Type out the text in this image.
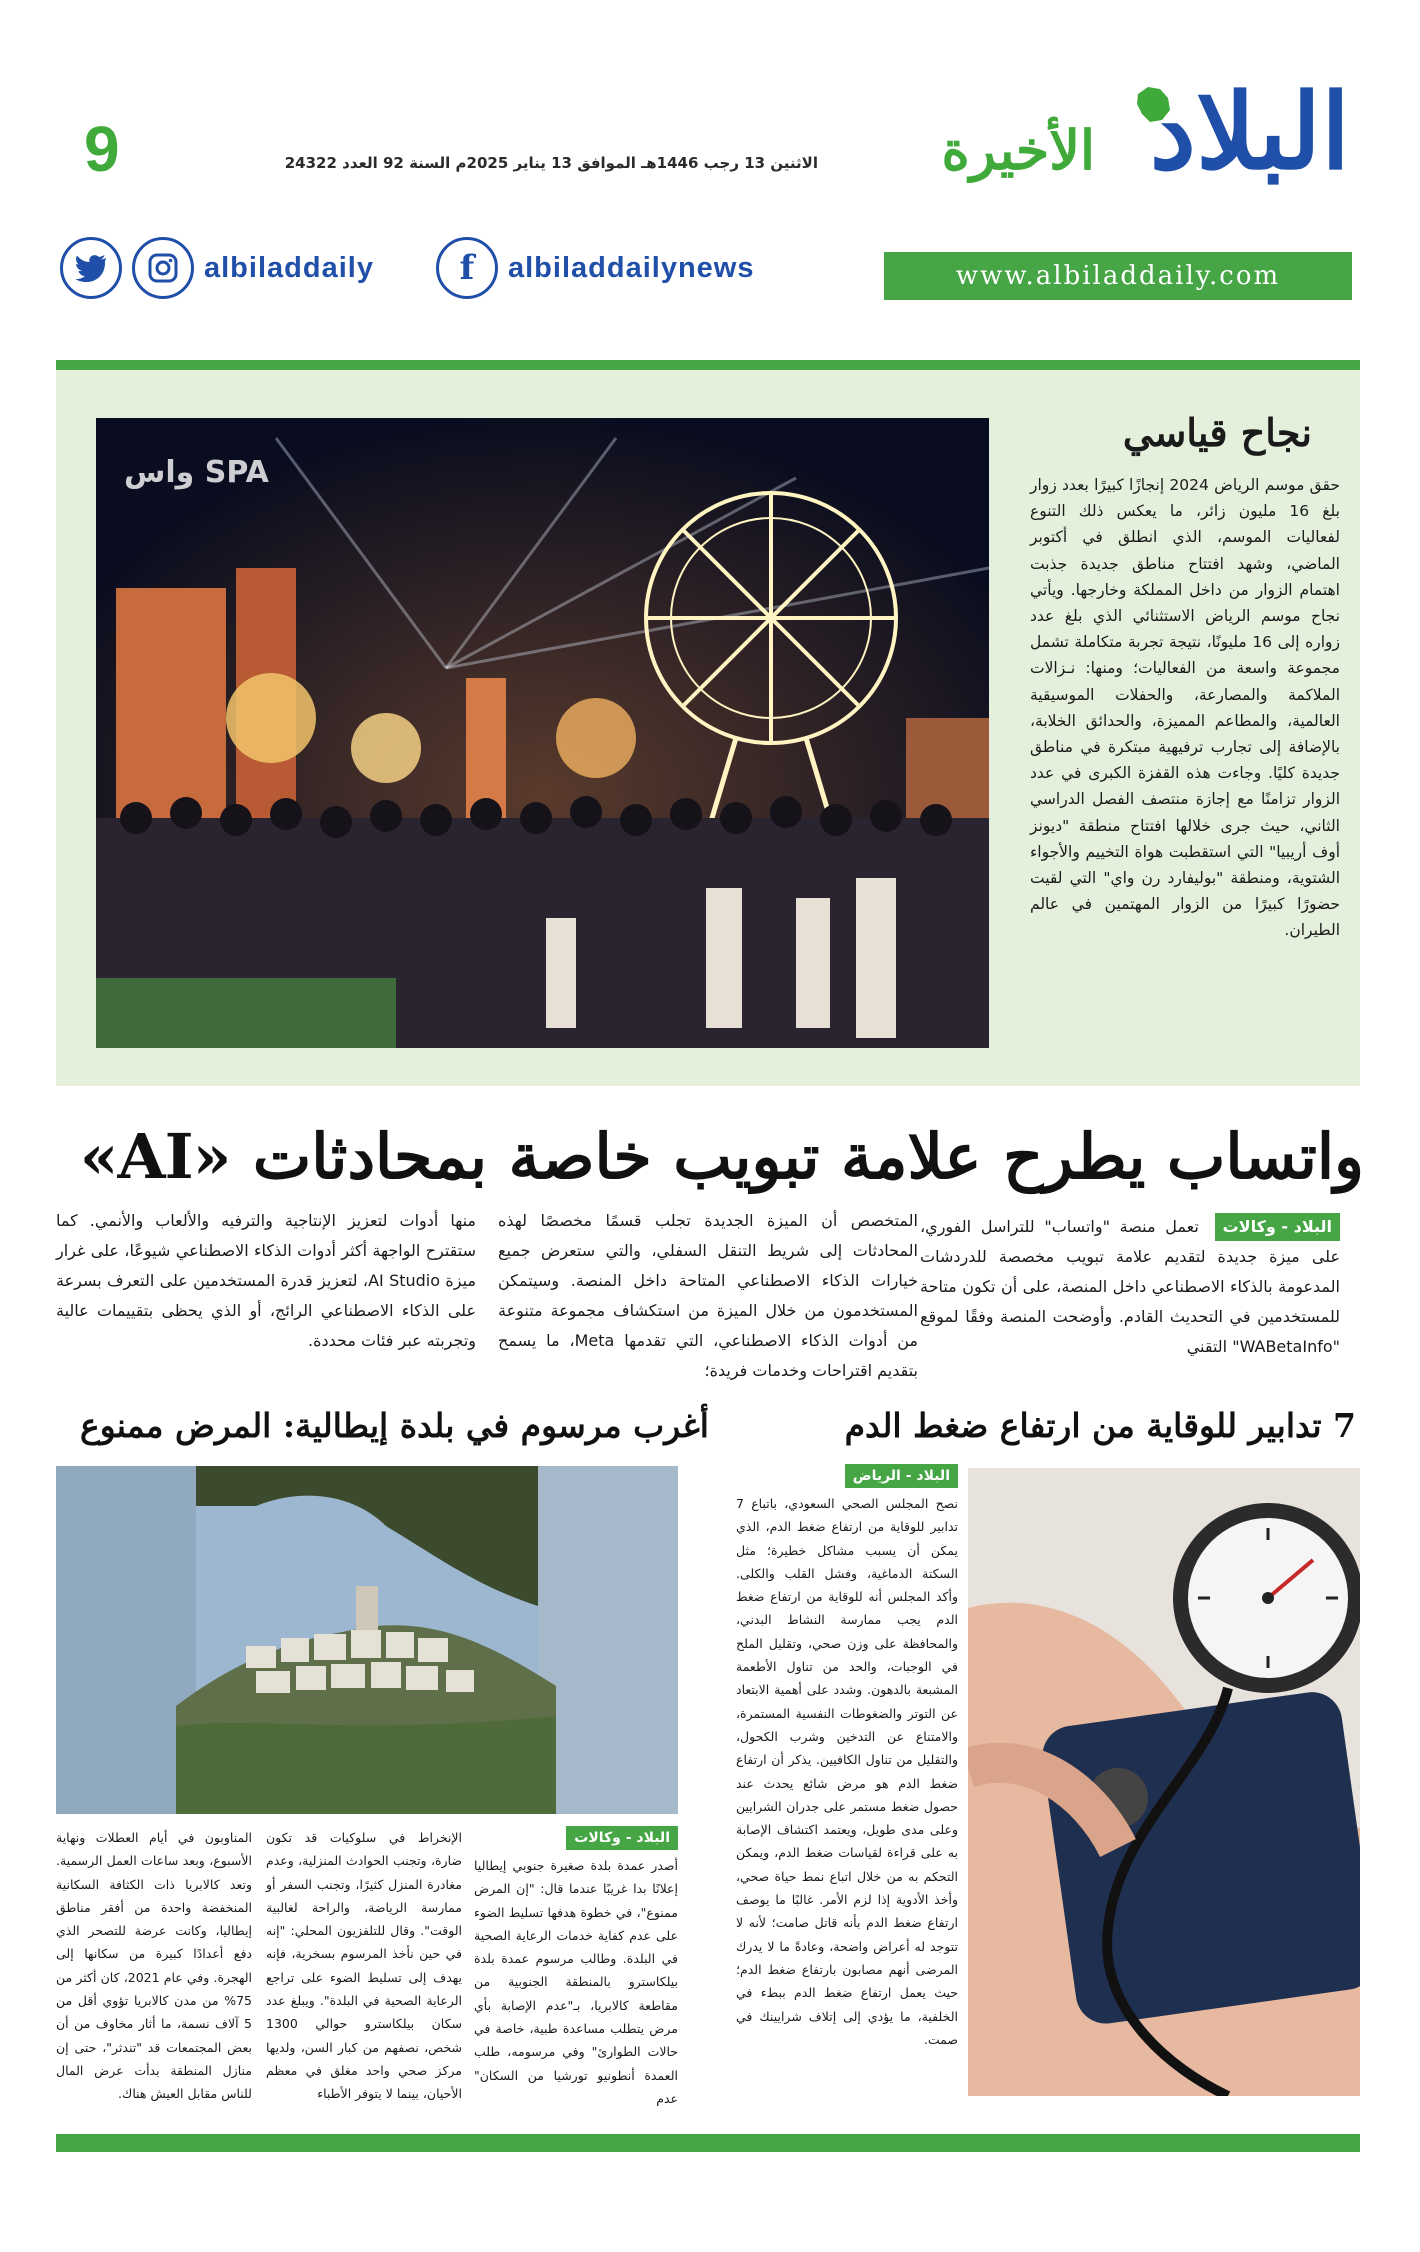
البلاد
الأخيرة
9	الاثنين 13 رجب 1446هـ الموافق 13 يناير 2025م السنة 92 العدد 24322
www.albiladdaily.com
f	albiladdailynews
albiladdaily
نجاح قياسي
حقق موسم الرياض 2024 إنجازًا كبيرًا بعدد زوار بلغ 16 مليون زائر، ما يعكس ذلك التنوع لفعاليات الموسم، الذي انطلق في أكتوبر الماضي، وشهد افتتاح مناطق جديدة جذبت اهتمام الزوار من داخل المملكة وخارجها. ويأتي نجاح موسم الرياض الاستثنائي الذي بلغ عدد زواره إلى 16 مليونًا، نتيجة تجربة متكاملة تشمل مجموعة واسعة من الفعاليات؛ ومنها: نـزالات الملاكمة والمصارعة، والحفلات الموسيقية العالمية، والمطاعم المميزة، والحدائق الخلابة، بالإضافة إلى تجارب ترفيهية مبتكرة في مناطق جديدة كليًا. وجاءت هذه القفزة الكبرى في عدد الزوار تزامنًا مع إجازة منتصف الفصل الدراسي الثاني، حيث جرى خلالها افتتاح منطقة "ديونز أوف أريبيا" التي استقطبت هواة التخييم والأجواء الشتوية، ومنطقة "بوليفارد رن واي" التي لقيت حضورًا كبيرًا من الزوار المهتمين في عالم الطيران.
واس SPA
واتساب يطرح علامة تبويب خاصة بمحادثات «AI»
البلاد - وكالات تعمل منصة "واتساب" للتراسل الفوري، على ميزة جديدة لتقديم علامة تبويب مخصصة للدردشات المدعومة بالذكاء الاصطناعي داخل المنصة، على أن تكون متاحة للمستخدمين في التحديث القادم. وأوضحت المنصة وفقًا لموقع "WABetaInfo" التقني
المتخصص أن الميزة الجديدة تجلب قسمًا مخصصًا لهذه المحادثات إلى شريط التنقل السفلي، والتي ستعرض جميع خيارات الذكاء الاصطناعي المتاحة داخل المنصة. وسيتمكن المستخدمون من خلال الميزة من استكشاف مجموعة متنوعة من أدوات الذكاء الاصطناعي، التي تقدمها Meta، ما يسمح بتقديم اقتراحات وخدمات فريدة؛
منها أدوات لتعزيز الإنتاجية والترفيه والألعاب والأنمي. كما ستقترح الواجهة أكثر أدوات الذكاء الاصطناعي شيوعًا، على غرار ميزة AI Studio، لتعزيز قدرة المستخدمين على التعرف بسرعة على الذكاء الاصطناعي الرائج، أو الذي يحظى بتقييمات عالية وتجربته عبر فئات محددة.
7 تدابير للوقاية من ارتفاع ضغط الدم
البلاد - الرياض
نصح المجلس الصحي السعودي، باتباع 7 تدابير للوقاية من ارتفاع ضغط الدم، الذي يمكن أن يسبب مشاكل خطيرة؛ مثل السكتة الدماغية، وفشل القلب والكلى. وأكد المجلس أنه للوقاية من ارتفاع ضغط الدم يجب ممارسة النشاط البدني، والمحافظة على وزن صحي، وتقليل الملح في الوجبات، والحد من تناول الأطعمة المشبعة بالدهون. وشدد على أهمية الابتعاد عن التوتر والضغوطات النفسية المستمرة، والامتناع عن التدخين وشرب الكحول، والتقليل من تناول الكافيين. يذكر أن ارتفاع ضغط الدم هو مرض شائع يحدث عند حصول ضغط مستمر على جدران الشرايين وعلى مدى طويل، ويعتمد اكتشاف الإصابة به على قراءة لقياسات ضغط الدم، ويمكن التحكم به من خلال اتباع نمط حياة صحي، وأخذ الأدوية إذا لزم الأمر. غالبًا ما يوصف ارتفاع ضغط الدم بأنه قاتل صامت؛ لأنه لا تتوجد له أعراض واضحة، وعادةً ما لا يدرك المرضى أنهم مصابون بارتفاع ضغط الدم؛ حيث يعمل ارتفاع ضغط الدم ببطء في الخلفية، ما يؤدي إلى إتلاف شرايينك في صمت.
أغرب مرسوم في بلدة إيطالية: المرض ممنوع
البلاد - وكالات
أصدر عمدة بلدة صغيرة جنوبي إيطاليا إعلانًا بدا غريبًا عندما قال: "إن المرض ممنوع"، في خطوة هدفها تسليط الضوء على عدم كفاية خدمات الرعاية الصحية في البلدة. وطالب مرسوم عمدة بلدة بيلكاسترو بالمنطقة الجنوبية من مقاطعة كالابريا، بـ"عدم الإصابة بأي مرض يتطلب مساعدة طبية، خاصة في حالات الطوارئ" وفي مرسومه، طلب العمدة أنطونيو تورشيا من السكان" عدم
الإنخراط في سلوكيات قد تكون ضارة، وتجنب الحوادث المنزلية، وعدم مغادرة المنزل كثيرًا، وتجنب السفر أو ممارسة الرياضة، والراحة لغالبية الوقت". وقال للتلفزيون المحلي: "إنه في حين نأخذ المرسوم بسخرية، فإنه يهدف إلى تسليط الضوء على تراجع الرعاية الصحية في البلدة". ويبلغ عدد سكان بيلكاسترو حوالي 1300 شخص، نصفهم من كبار السن، ولديها مركز صحي واحد مغلق في معظم الأحيان، بينما لا يتوفر الأطباء
المناوبون في أيام العطلات ونهاية الأسبوع، وبعد ساعات العمل الرسمية. وتعد كالابريا ذات الكثافة السكانية المنخفضة واحدة من أفقر مناطق إيطاليا، وكانت عرضة للتصحر الذي دفع أعدادًا كبيرة من سكانها إلى الهجرة. وفي عام 2021، كان أكثر من 75% من مدن كالابريا تؤوي أقل من 5 آلاف نسمة، ما أثار مخاوف من أن بعض المجتمعات قد "تندثر"، حتى إن منازل المنطقة بدأت عرض المال للناس مقابل العيش هناك.
